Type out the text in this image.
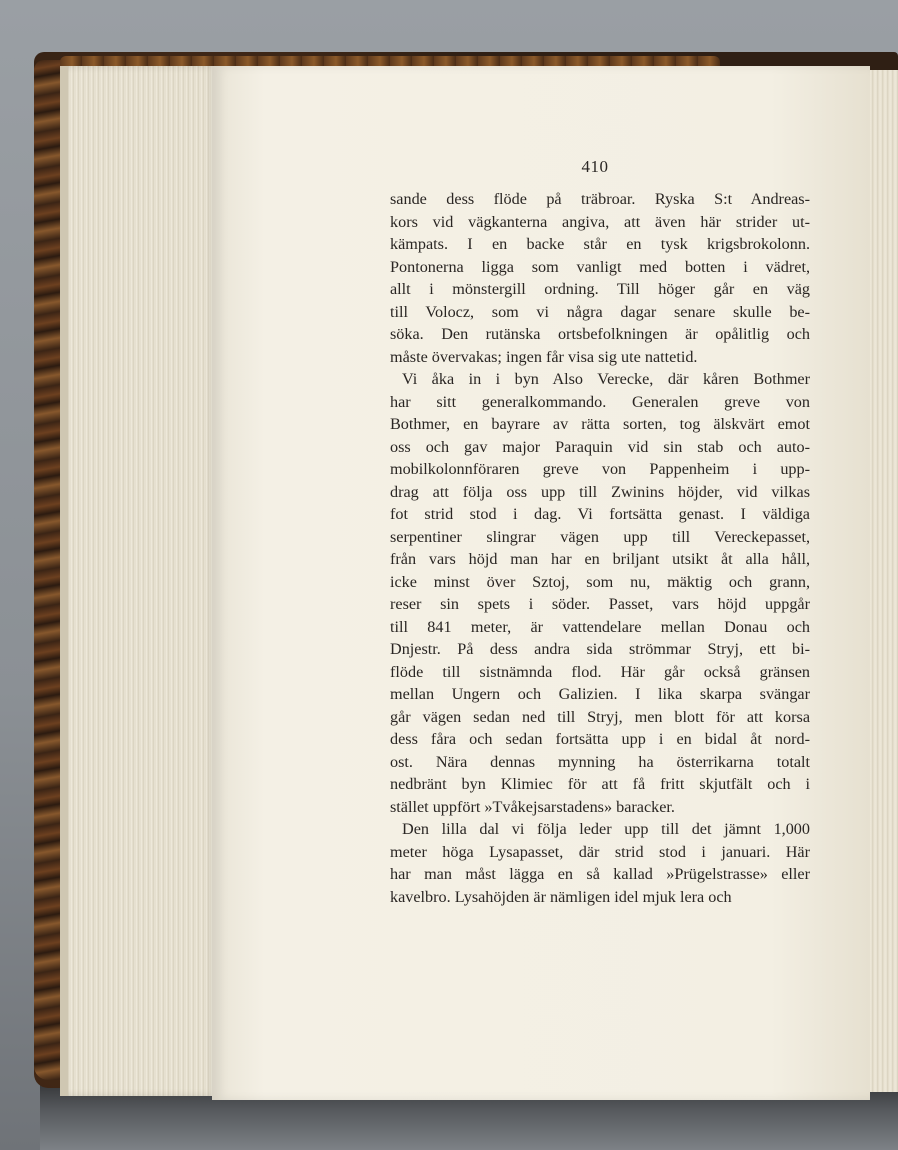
410
sande dess flöde på träbroar. Ryska S:t Andreas-
kors vid vägkanterna angiva, att även här strider ut-
kämpats. I en backe står en tysk krigsbrokolonn.
Pontonerna ligga som vanligt med botten i vädret,
allt i mönstergill ordning. Till höger går en väg
till Volocz, som vi några dagar senare skulle be-
söka. Den rutänska ortsbefolkningen är opålitlig och
måste övervakas; ingen får visa sig ute nattetid.
Vi åka in i byn Also Verecke, där kåren Bothmer
har sitt generalkommando. Generalen greve von
Bothmer, en bayrare av rätta sorten, tog älskvärt emot
oss och gav major Paraquin vid sin stab och auto-
mobilkolonnföraren greve von Pappenheim i upp-
drag att följa oss upp till Zwinins höjder, vid vilkas
fot strid stod i dag. Vi fortsätta genast. I väldiga
serpentiner slingrar vägen upp till Vereckepasset,
från vars höjd man har en briljant utsikt åt alla håll,
icke minst över Sztoj, som nu, mäktig och grann,
reser sin spets i söder. Passet, vars höjd uppgår
till 841 meter, är vattendelare mellan Donau och
Dnjestr. På dess andra sida strömmar Stryj, ett bi-
flöde till sistnämnda flod. Här går också gränsen
mellan Ungern och Galizien. I lika skarpa svängar
går vägen sedan ned till Stryj, men blott för att korsa
dess fåra och sedan fortsätta upp i en bidal åt nord-
ost. Nära dennas mynning ha österrikarna totalt
nedbränt byn Klimiec för att få fritt skjutfält och i
stället uppfört »Tvåkejsarstadens» baracker.
Den lilla dal vi följa leder upp till det jämnt 1,000
meter höga Lysapasset, där strid stod i januari. Här
har man måst lägga en så kallad »Prügelstrasse» eller
kavelbro. Lysahöjden är nämligen idel mjuk lera och
